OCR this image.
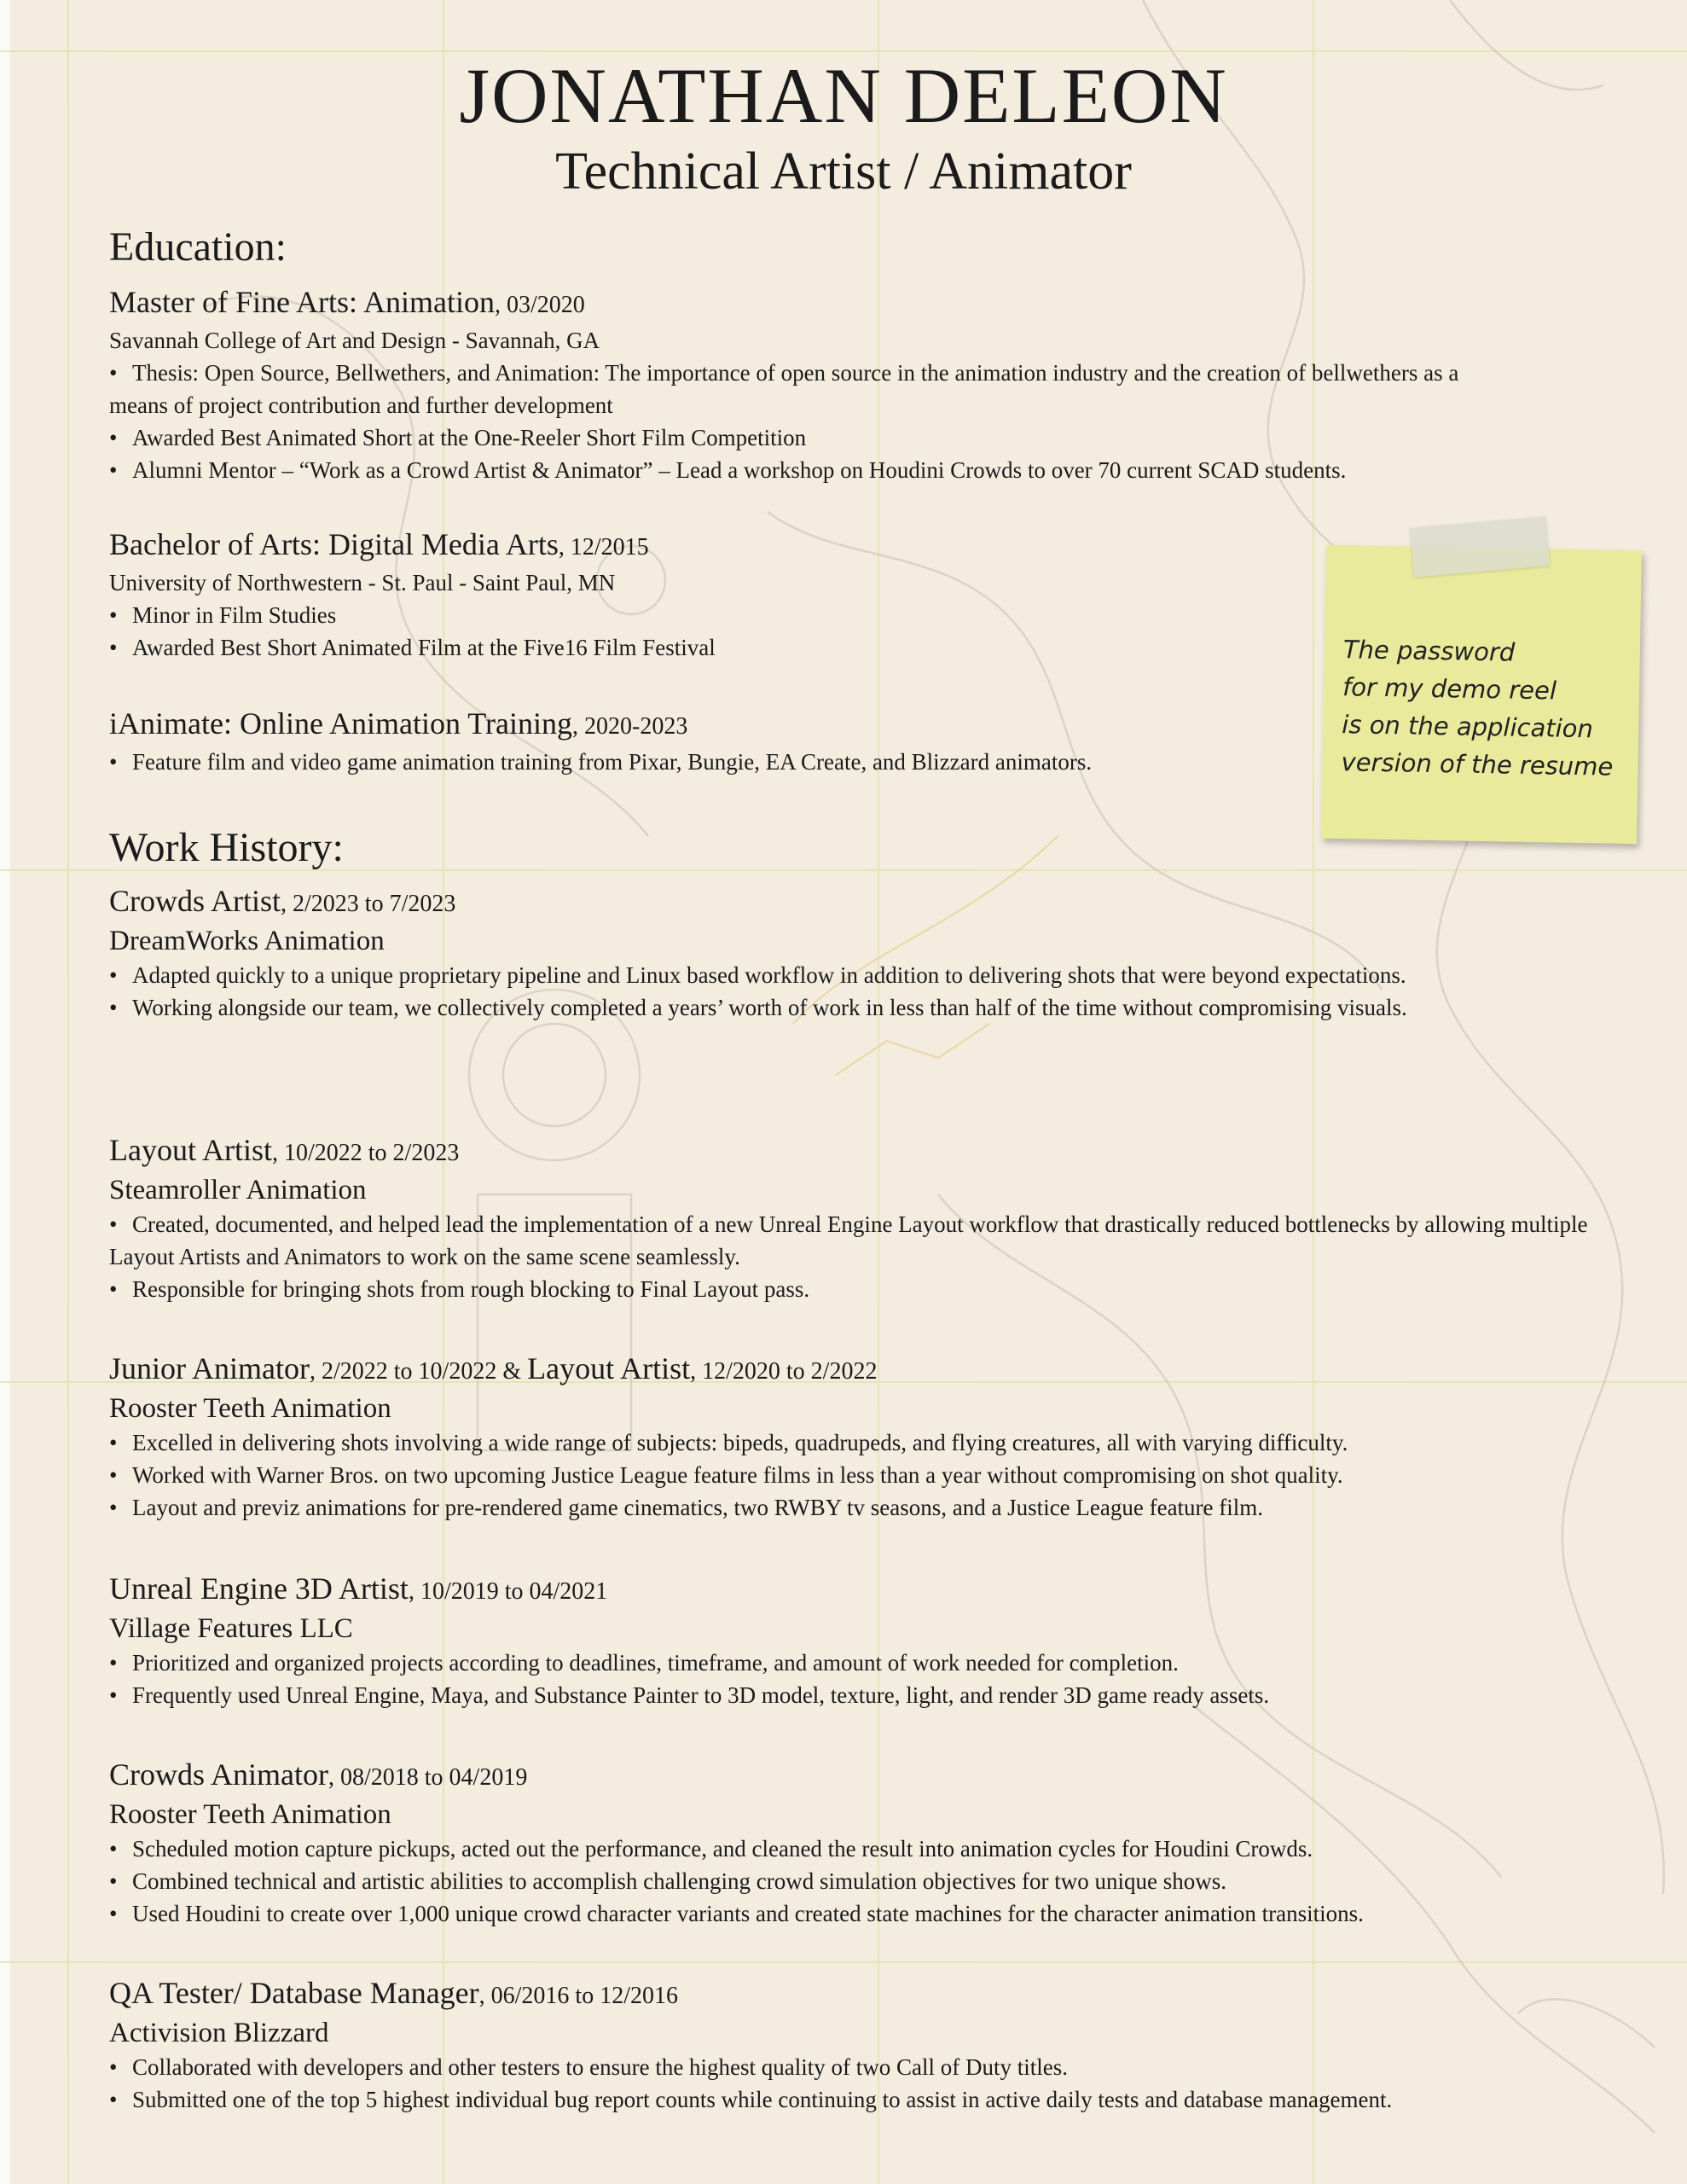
JONATHAN DELEON
Technical Artist / Animator
Education:
Master of Fine Arts: Animation, 03/2020
Savannah College of Art and Design - Savannah, GA
• Thesis: Open Source, Bellwethers, and Animation: The importance of open source in the animation industry and the creation of bellwethers as a means of project contribution and further development
• Awarded Best Animated Short at the One-Reeler Short Film Competition
• Alumni Mentor – “Work as a Crowd Artist & Animator” – Lead a workshop on Houdini Crowds to over 70 current SCAD students.
Bachelor of Arts: Digital Media Arts, 12/2015
University of Northwestern - St. Paul - Saint Paul, MN
• Minor in Film Studies
• Awarded Best Short Animated Film at the Five16 Film Festival
iAnimate: Online Animation Training, 2020-2023
• Feature film and video game animation training from Pixar, Bungie, EA Create, and Blizzard animators.
Work History:
Crowds Artist, 2/2023 to 7/2023
DreamWorks Animation
• Adapted quickly to a unique proprietary pipeline and Linux based workflow in addition to delivering shots that were beyond expectations.
• Working alongside our team, we collectively completed a years’ worth of work in less than half of the time without compromising visuals.
Layout Artist, 10/2022 to 2/2023
Steamroller Animation
• Created, documented, and helped lead the implementation of a new Unreal Engine Layout workflow that drastically reduced bottlenecks by allowing multiple Layout Artists and Animators to work on the same scene seamlessly.
• Responsible for bringing shots from rough blocking to Final Layout pass.
Junior Animator, 2/2022 to 10/2022 & Layout Artist, 12/2020 to 2/2022
Rooster Teeth Animation
• Excelled in delivering shots involving a wide range of subjects: bipeds, quadrupeds, and flying creatures, all with varying difficulty.
• Worked with Warner Bros. on two upcoming Justice League feature films in less than a year without compromising on shot quality.
• Layout and previz animations for pre-rendered game cinematics, two RWBY tv seasons, and a Justice League feature film.
Unreal Engine 3D Artist, 10/2019 to 04/2021
Village Features LLC
• Prioritized and organized projects according to deadlines, timeframe, and amount of work needed for completion.
• Frequently used Unreal Engine, Maya, and Substance Painter to 3D model, texture, light, and render 3D game ready assets.
Crowds Animator, 08/2018 to 04/2019
Rooster Teeth Animation
• Scheduled motion capture pickups, acted out the performance, and cleaned the result into animation cycles for Houdini Crowds.
• Combined technical and artistic abilities to accomplish challenging crowd simulation objectives for two unique shows.
• Used Houdini to create over 1,000 unique crowd character variants and created state machines for the character animation transitions.
QA Tester/ Database Manager, 06/2016 to 12/2016
Activision Blizzard
• Collaborated with developers and other testers to ensure the highest quality of two Call of Duty titles.
• Submitted one of the top 5 highest individual bug report counts while continuing to assist in active daily tests and database management.
The password
for my demo reel
is on the application
version of the resume
